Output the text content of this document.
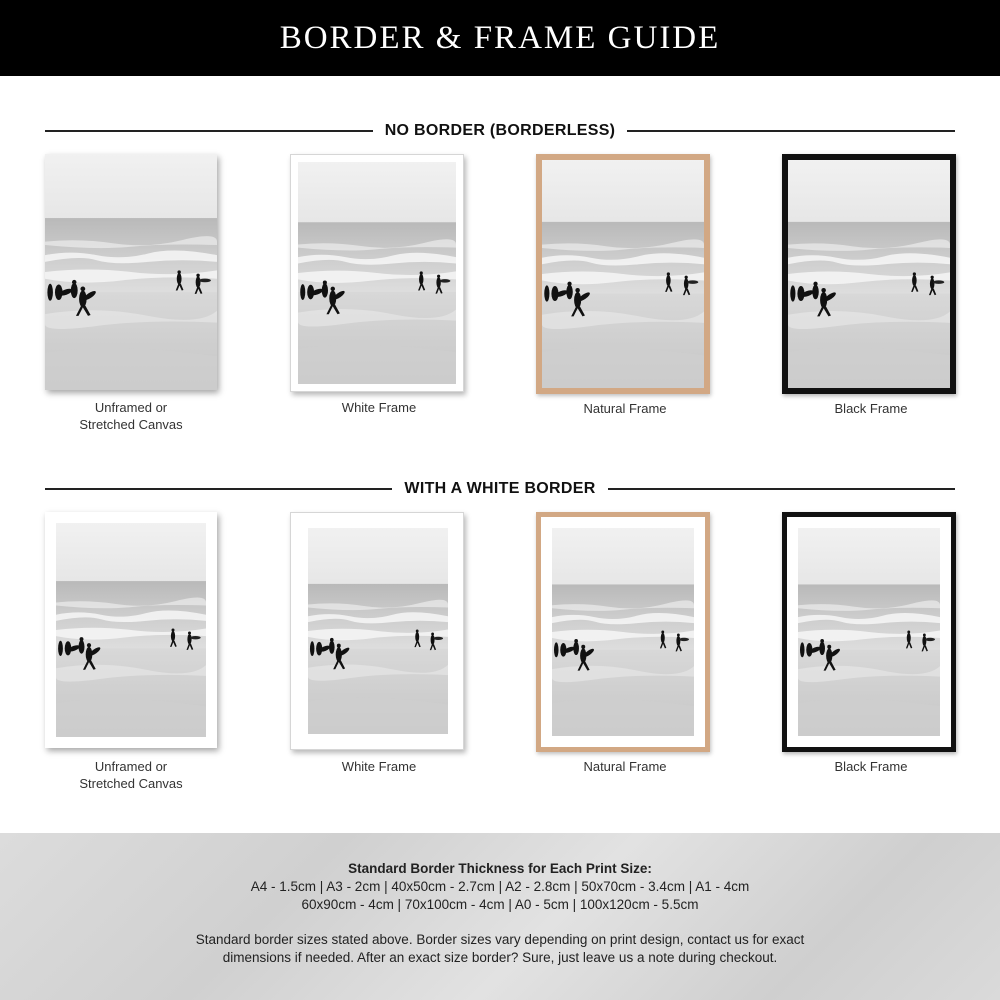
BORDER & FRAME GUIDE
NO BORDER (BORDERLESS)
Unframed or
Stretched Canvas
White Frame	Natural Frame	Black Frame
WITH A WHITE BORDER
Unframed or
Stretched Canvas
White Frame	Natural Frame	Black Frame
Standard Border Thickness for Each Print Size:
A4 - 1.5cm | A3 - 2cm | 40x50cm - 2.7cm | A2 - 2.8cm | 50x70cm - 3.4cm | A1 - 4cm
60x90cm - 4cm | 70x100cm - 4cm | A0 - 5cm | 100x120cm - 5.5cm
Standard border sizes stated above. Border sizes vary depending on print design, contact us for exact
dimensions if needed. After an exact size border? Sure, just leave us a note during checkout.
